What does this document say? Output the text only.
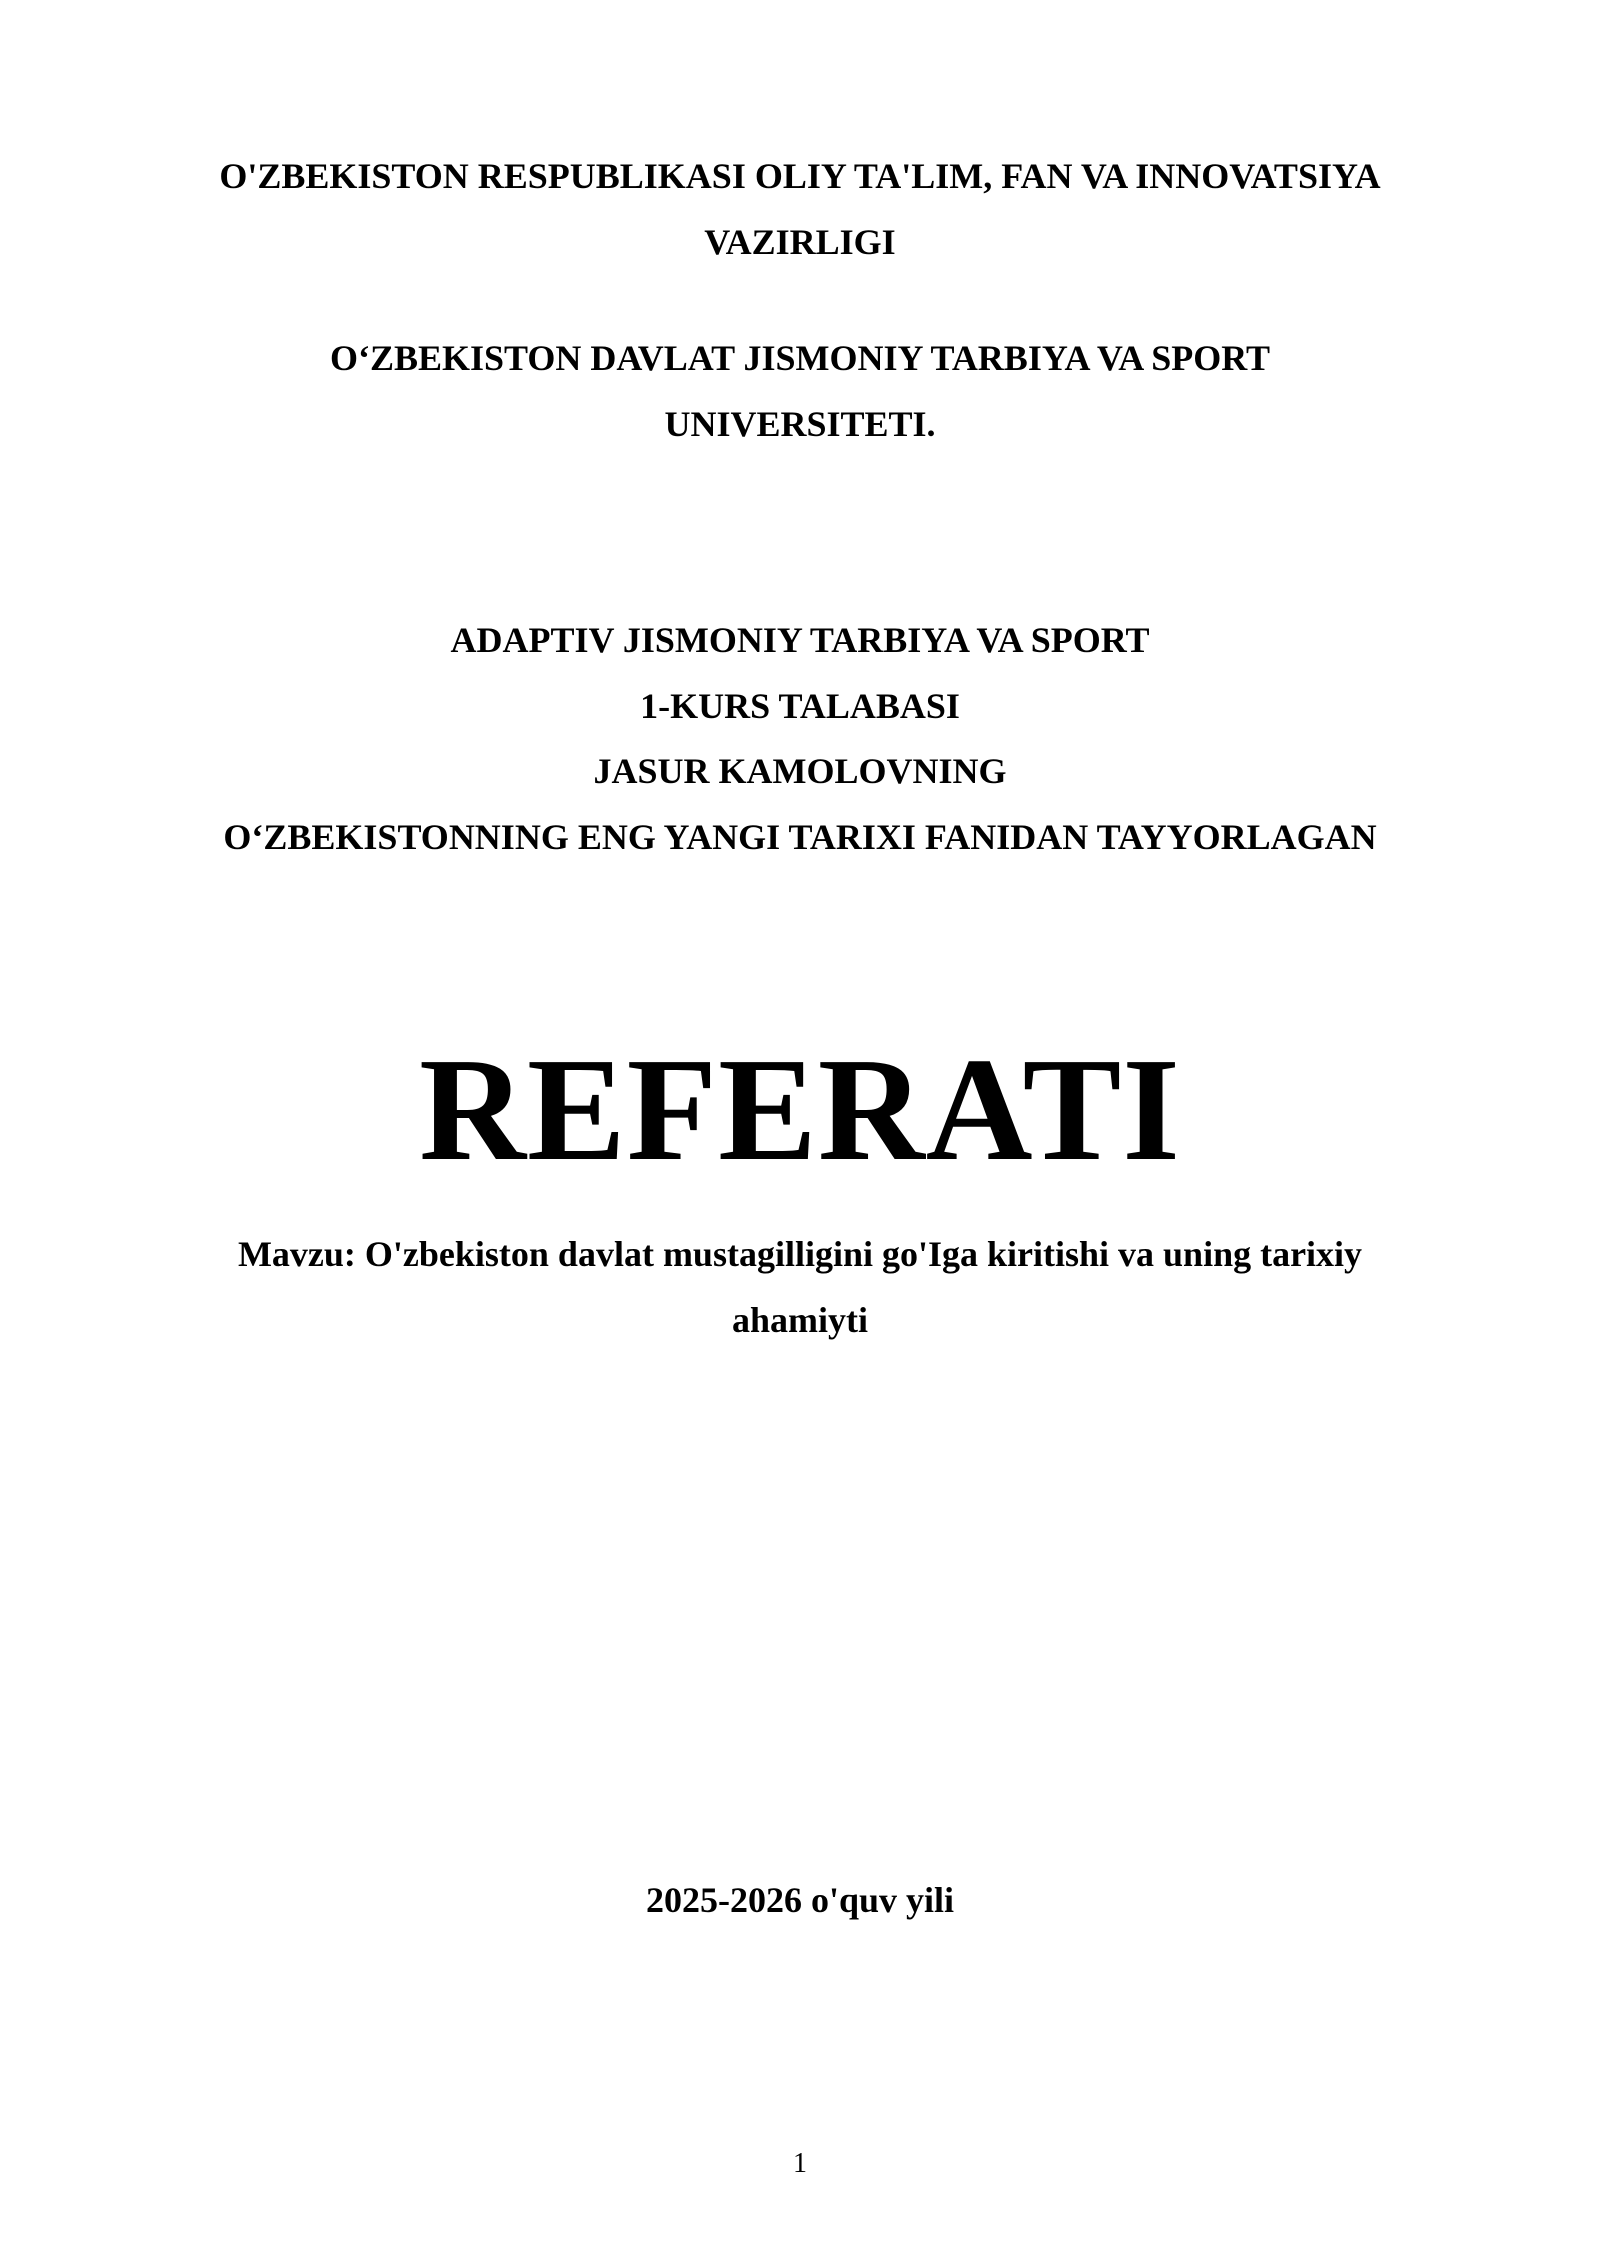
O'ZBEKISTON RESPUBLIKASI OLIY TA'LIM, FAN VA INNOVATSIYA
VAZIRLIGI
O‘ZBEKISTON DAVLAT JISMONIY TARBIYA VA SPORT
UNIVERSITETI.
ADAPTIV JISMONIY TARBIYA VA SPORT
1-KURS TALABASI
JASUR KAMOLOVNING
O‘ZBEKISTONNING ENG YANGI TARIXI FANIDAN TAYYORLAGAN
REFERATI
Mavzu: O'zbekiston davlat mustagilligini go'Iga kiritishi va uning tarixiy
ahamiyti
2025-2026 o'quv yili
1
